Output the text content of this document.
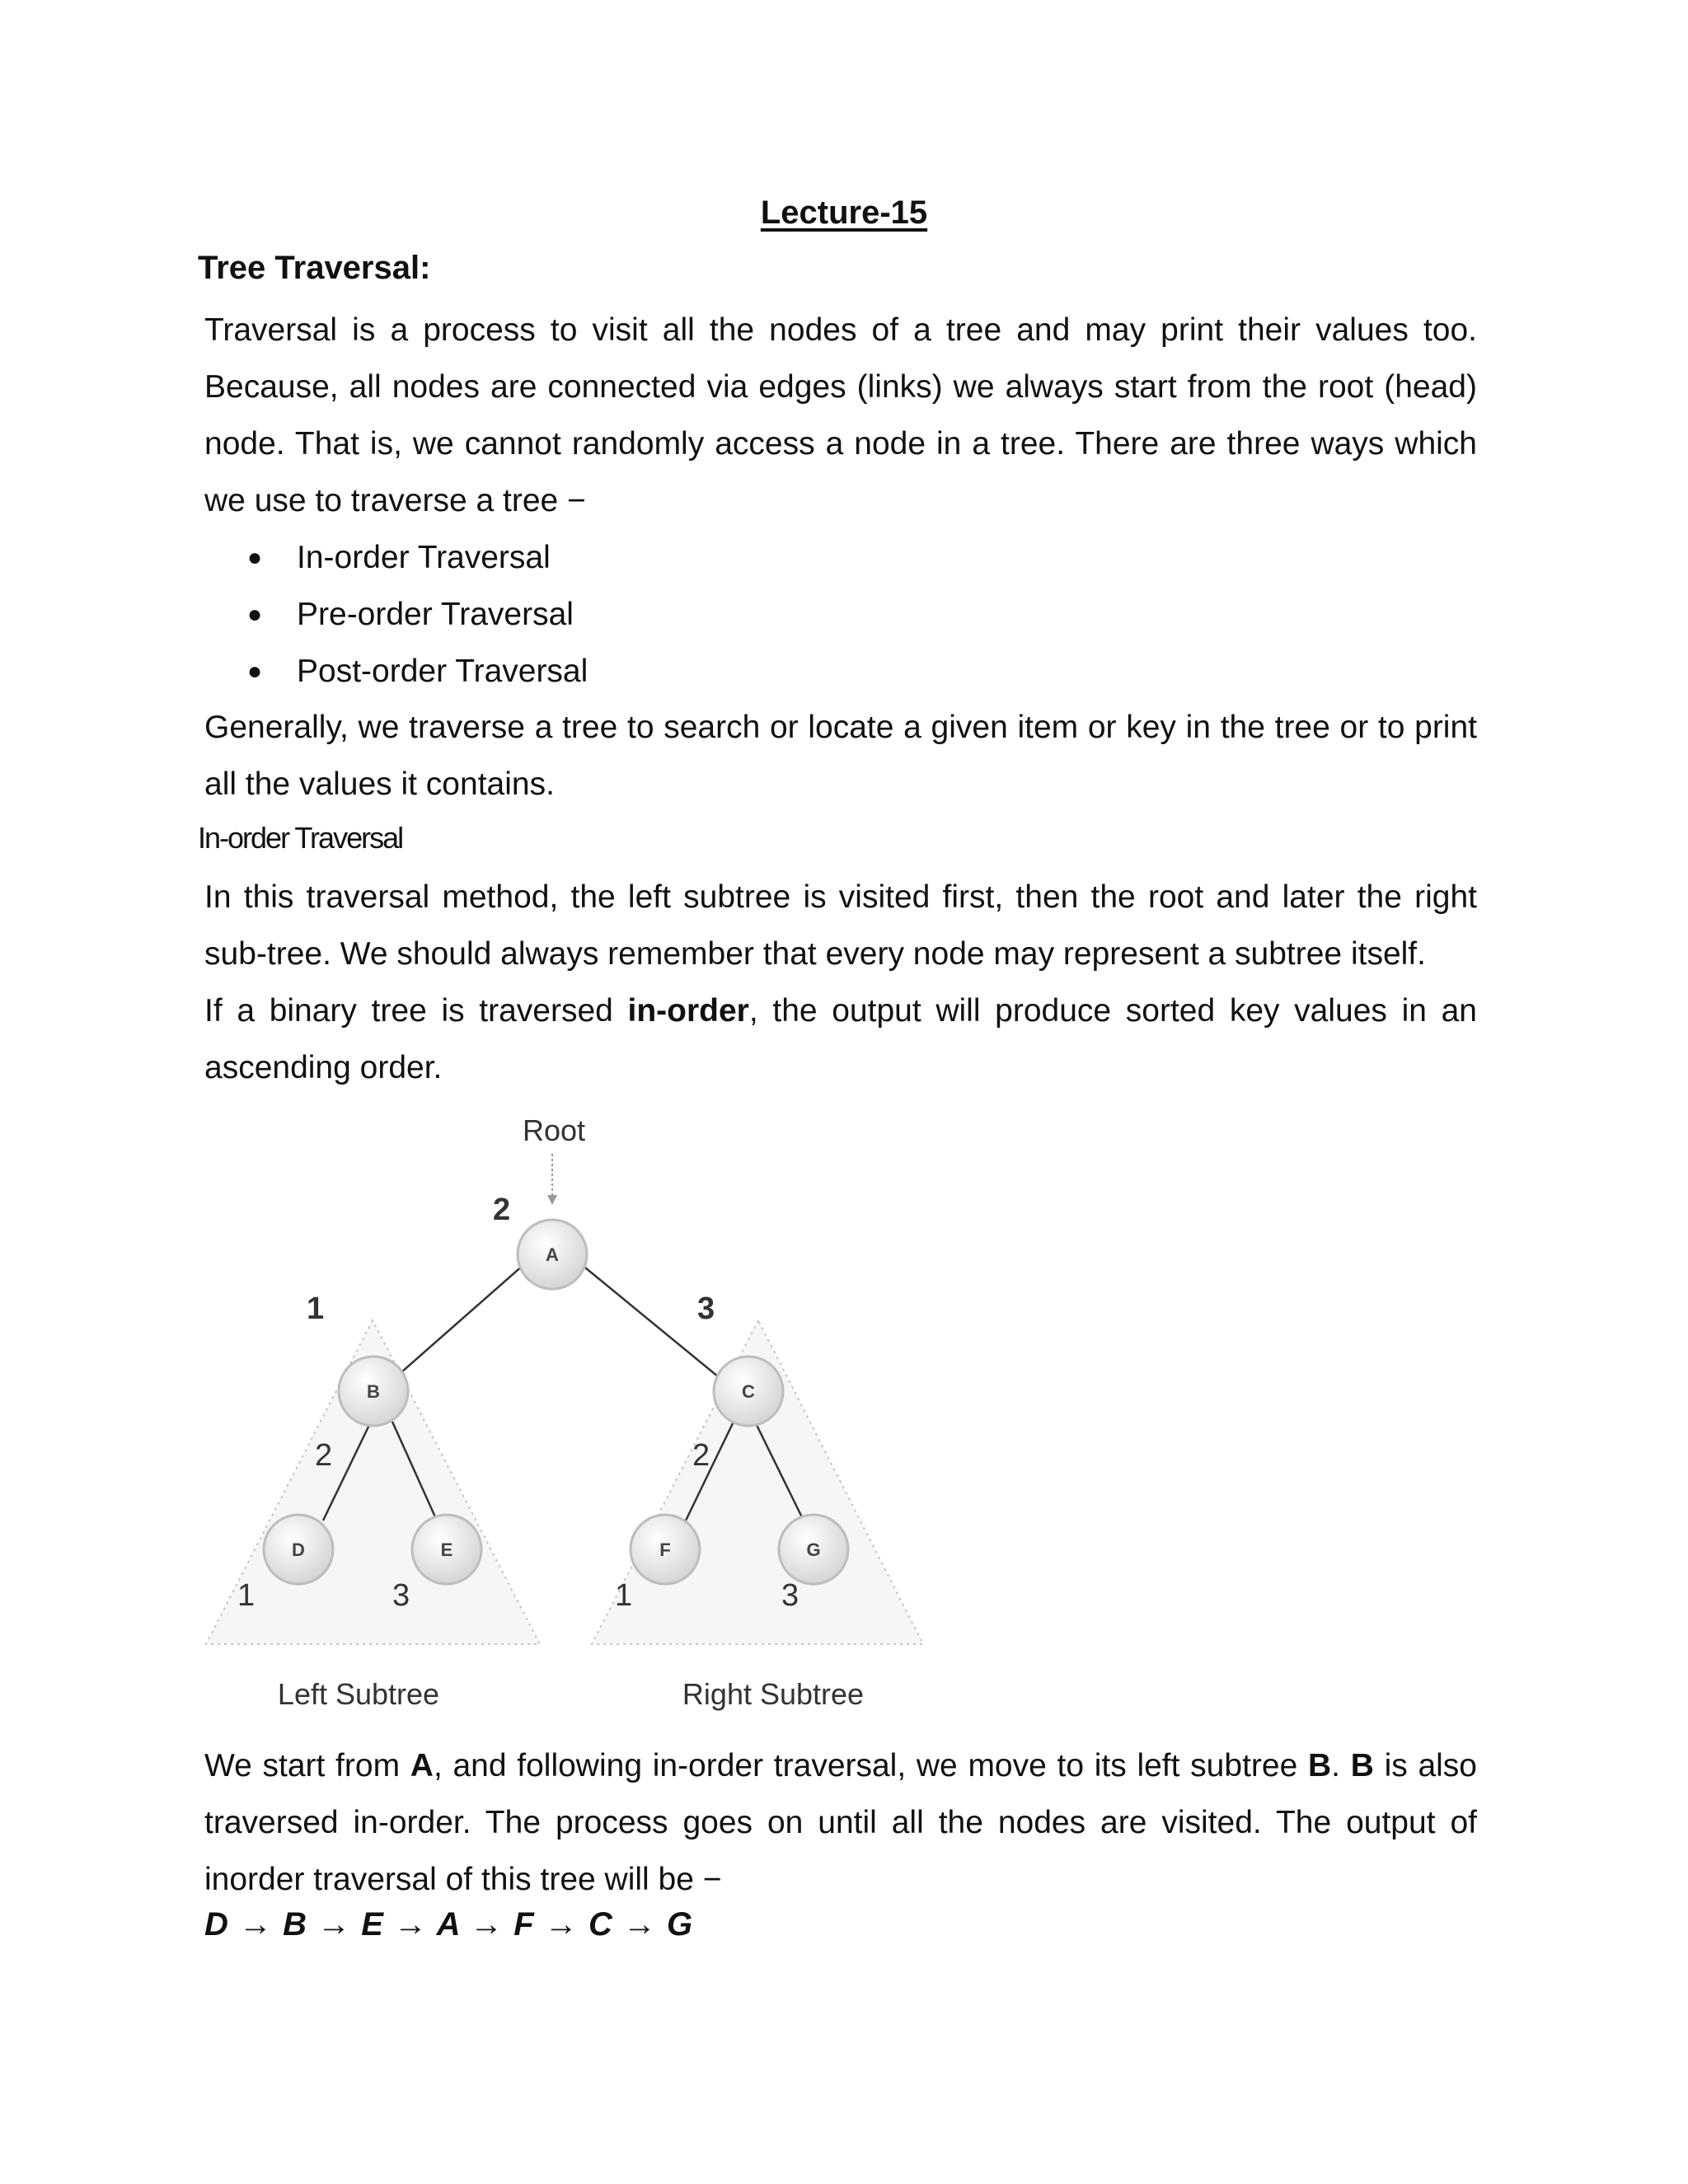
Lecture-15
Tree Traversal:
Traversal is a process to visit all the nodes of a tree and may print their values too. Because, all nodes are connected via edges (links) we always start from the root (head) node. That is, we cannot randomly access a node in a tree. There are three ways which we use to traverse a tree −
● In-order Traversal
● Pre-order Traversal
● Post-order Traversal
Generally, we traverse a tree to search or locate a given item or key in the tree or to print all the values it contains.
In-order Traversal
In this traversal method, the left subtree is visited first, then the root and later the right sub-tree. We should always remember that every node may represent a subtree itself.
If a binary tree is traversed in-order, the output will produce sorted key values in an ascending order.
A
B	C
D	E	F	G
Root
2
1	3
2
1	3
2
1	3
Left Subtree	Right Subtree
We start from A, and following in-order traversal, we move to its left subtree B. B is also traversed in-order. The process goes on until all the nodes are visited. The output of inorder traversal of this tree will be −
D → B → E → A → F → C → G
